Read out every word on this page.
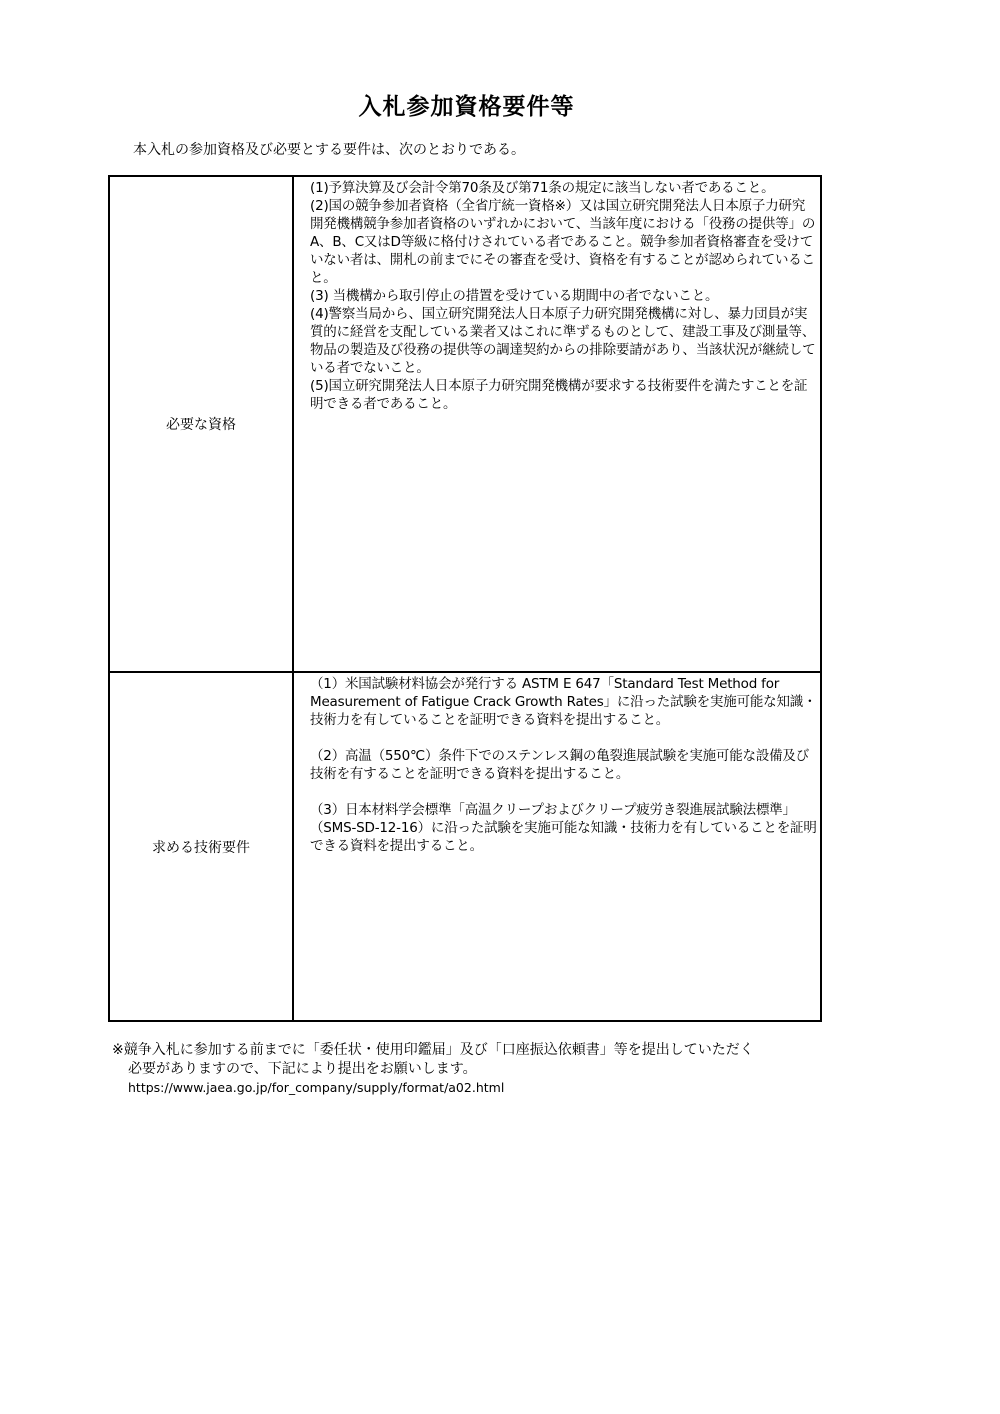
入札参加資格要件等
本入札の参加資格及び必要とする要件は、次のとおりである。
必要な資格	(1)予算決算及び会計令第70条及び第71条の規定に該当しない者であること。

(2)国の競争参加者資格（全省庁統一資格※）又は国立研究開発法人日本原子力研究開発機構競争参加者資格のいずれかにおいて、当該年度における「役務の提供等」のA、B、C又はD等級に格付けされている者であること。競争参加者資格審査を受けていない者は、開札の前までにその審査を受け、資格を有することが認められていること。

(3) 当機構から取引停止の措置を受けている期間中の者でないこと。

(4)警察当局から、国立研究開発法人日本原子力研究開発機構に対し、暴力団員が実質的に経営を支配している業者又はこれに準ずるものとして、建設工事及び測量等、物品の製造及び役務の提供等の調達契約からの排除要請があり、当該状況が継続している者でないこと。

(5)国立研究開発法人日本原子力研究開発機構が要求する技術要件を満たすことを証明できる者であること。

求める技術要件	（1）米国試験材料協会が発行する ASTM E 647「Standard Test Method for Measurement of Fatigue Crack Growth Rates」に沿った試験を実施可能な知識・技術力を有していることを証明できる資料を提出すること。

（2）高温（550℃）条件下でのステンレス鋼の亀裂進展試験を実施可能な設備及び技術を有することを証明できる資料を提出すること。

（3）日本材料学会標準「高温クリープおよびクリープ疲労き裂進展試験法標準」（SMS-SD-12-16）に沿った試験を実施可能な知識・技術力を有していることを証明できる資料を提出すること。

※競争入札に参加する前までに「委任状・使用印鑑届」及び「口座振込依頼書」等を提出していただく
必要がありますので、下記により提出をお願いします。
https://www.jaea.go.jp/for_company/supply/format/a02.html
